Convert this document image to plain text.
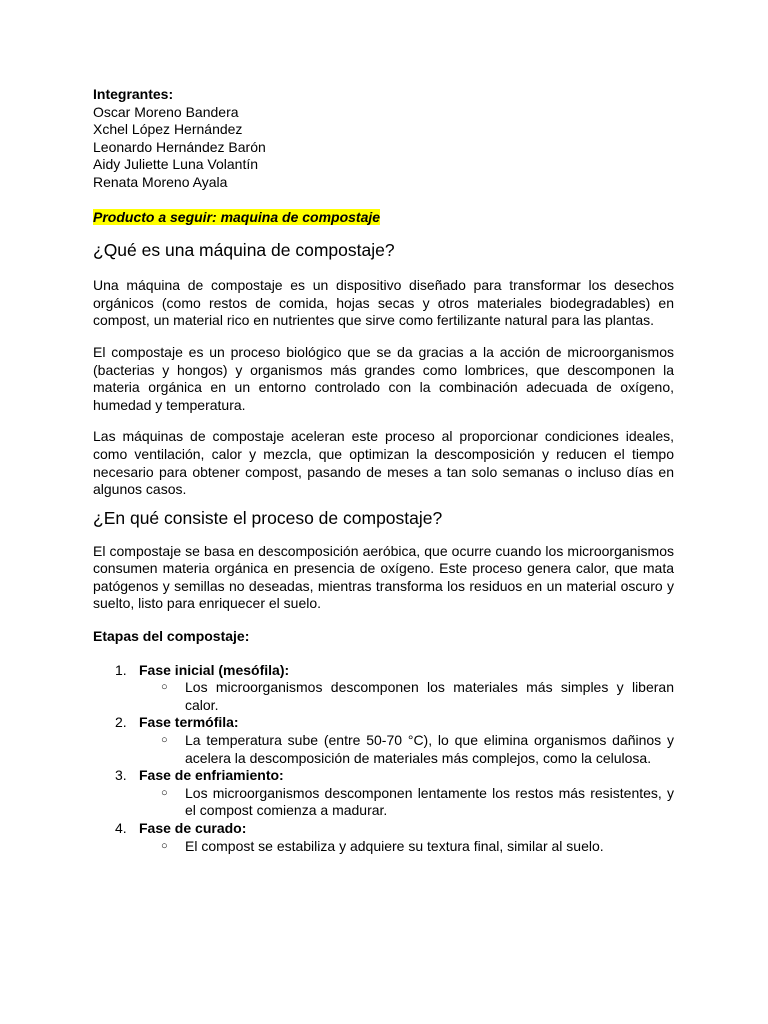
Integrantes:

Oscar Moreno Bandera

Xchel López Hernández

Leonardo Hernández Barón

Aidy Juliette Luna Volantín

Renata Moreno Ayala

Producto a seguir: maquina de compostaje

¿Qué es una máquina de compostaje?

Una máquina de compostaje es un dispositivo diseñado para transformar los desechos orgánicos (como restos de comida, hojas secas y otros materiales biodegradables) en compost, un material rico en nutrientes que sirve como fertilizante natural para las plantas.

El compostaje es un proceso biológico que se da gracias a la acción de microorganismos (bacterias y hongos) y organismos más grandes como lombrices, que descomponen la materia orgánica en un entorno controlado con la combinación adecuada de oxígeno, humedad y temperatura.

Las máquinas de compostaje aceleran este proceso al proporcionar condiciones ideales, como ventilación, calor y mezcla, que optimizan la descomposición y reducen el tiempo necesario para obtener compost, pasando de meses a tan solo semanas o incluso días en algunos casos.

¿En qué consiste el proceso de compostaje?

El compostaje se basa en descomposición aeróbica, que ocurre cuando los microorganismos consumen materia orgánica en presencia de oxígeno. Este proceso genera calor, que mata patógenos y semillas no deseadas, mientras transforma los residuos en un material oscuro y suelto, listo para enriquecer el suelo.

Etapas del compostaje:

1. Fase inicial (mesófila):
○ Los microorganismos descomponen los materiales más simples y liberan calor.
2. Fase termófila:
○ La temperatura sube (entre 50-70 °C), lo que elimina organismos dañinos y acelera la descomposición de materiales más complejos, como la celulosa.
3. Fase de enfriamiento:
○ Los microorganismos descomponen lentamente los restos más resistentes, y el compost comienza a madurar.
4. Fase de curado:
○ El compost se estabiliza y adquiere su textura final, similar al suelo.
